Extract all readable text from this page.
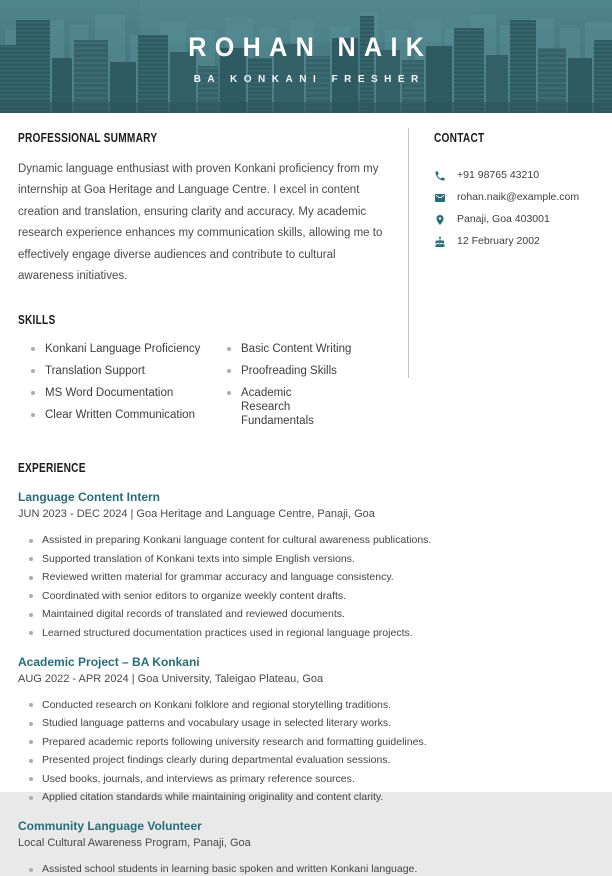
ROHAN NAIK
BA KONKANI FRESHER
PROFESSIONAL SUMMARY

Dynamic language enthusiast with proven Konkani proficiency from my internship at Goa Heritage and Language Centre. I excel in content creation and translation, ensuring clarity and accuracy. My academic research experience enhances my communication skills, allowing me to effectively engage diverse audiences and contribute to cultural awareness initiatives.

SKILLS
Konkani Language Proficiency
Translation Support
MS Word Documentation
Clear Written Communication
Basic Content Writing
Proofreading Skills
Academic Research Fundamentals
CONTACT
+91 98765 43210
rohan.naik@example.com
Panaji, Goa 403001
12 February 2002
EXPERIENCE
Language Content Intern
JUN 2023 - DEC 2024 | Goa Heritage and Language Centre, Panaji, Goa
Assisted in preparing Konkani language content for cultural awareness publications.
Supported translation of Konkani texts into simple English versions.
Reviewed written material for grammar accuracy and language consistency.
Coordinated with senior editors to organize weekly content drafts.
Maintained digital records of translated and reviewed documents.
Learned structured documentation practices used in regional language projects.
Academic Project – BA Konkani
AUG 2022 - APR 2024 | Goa University, Taleigao Plateau, Goa
Conducted research on Konkani folklore and regional storytelling traditions.
Studied language patterns and vocabulary usage in selected literary works.
Prepared academic reports following university research and formatting guidelines.
Presented project findings clearly during departmental evaluation sessions.
Used books, journals, and interviews as primary reference sources.
Applied citation standards while maintaining originality and content clarity.
Community Language Volunteer
Local Cultural Awareness Program, Panaji, Goa
Assisted school students in learning basic spoken and written Konkani language.
